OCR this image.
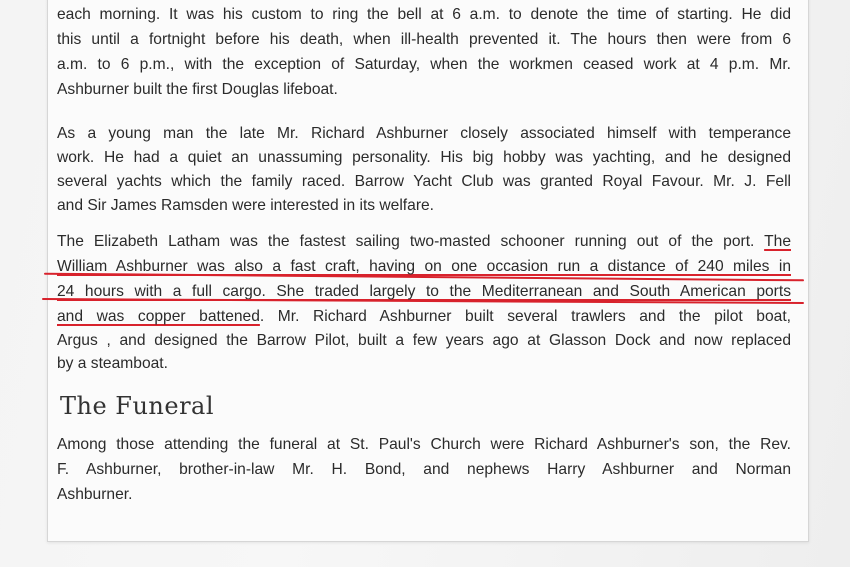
each morning. It was his custom to ring the bell at 6 a.m. to denote the time of starting. He did
this until a fortnight before his death, when ill-health prevented it. The hours then were from 6
a.m. to 6 p.m., with the exception of Saturday, when the workmen ceased work at 4 p.m. Mr.
Ashburner built the first Douglas lifeboat.
As a young man the late Mr. Richard Ashburner closely associated himself with temperance
work. He had a quiet an unassuming personality. His big hobby was yachting, and he designed
several yachts which the family raced. Barrow Yacht Club was granted Royal Favour. Mr. J. Fell
and Sir James Ramsden were interested in its welfare.
The Elizabeth Latham was the fastest sailing two-masted schooner running out of the port. The
William Ashburner was also a fast craft, having on one occasion run a distance of 240 miles in
24 hours with a full cargo. She traded largely to the Mediterranean and South American ports
and was copper battened. Mr. Richard Ashburner built several trawlers and the pilot boat,
Argus , and designed the Barrow Pilot, built a few years ago at Glasson Dock and now replaced
by a steamboat.
The Funeral
Among those attending the funeral at St. Paul's Church were Richard Ashburner's son, the Rev.
F. Ashburner, brother-in-law Mr. H. Bond, and nephews Harry Ashburner and Norman
Ashburner.
